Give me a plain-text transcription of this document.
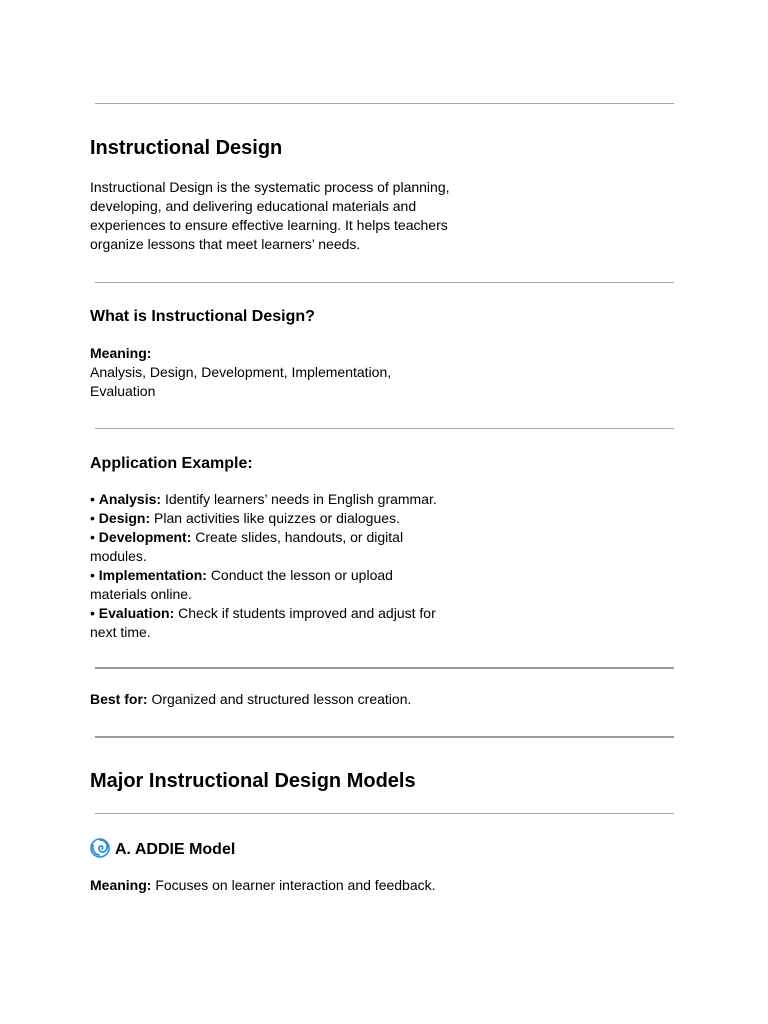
Instructional Design

Instructional Design is the systematic process of planning, developing, and delivering educational materials and experiences to ensure effective learning. It helps teachers organize lessons that meet learners’ needs.

What is Instructional Design?

Meaning:
Analysis, Design, Development, Implementation, Evaluation

Application Example:
• Analysis: Identify learners’ needs in English grammar.
• Design: Plan activities like quizzes or dialogues.
• Development: Create slides, handouts, or digital modules.
• Implementation: Conduct the lesson or upload materials online.
• Evaluation: Check if students improved and adjust for next time.

Best for: Organized and structured lesson creation.

Major Instructional Design Models
A. ADDIE Model

Meaning: Focuses on learner interaction and feedback.
